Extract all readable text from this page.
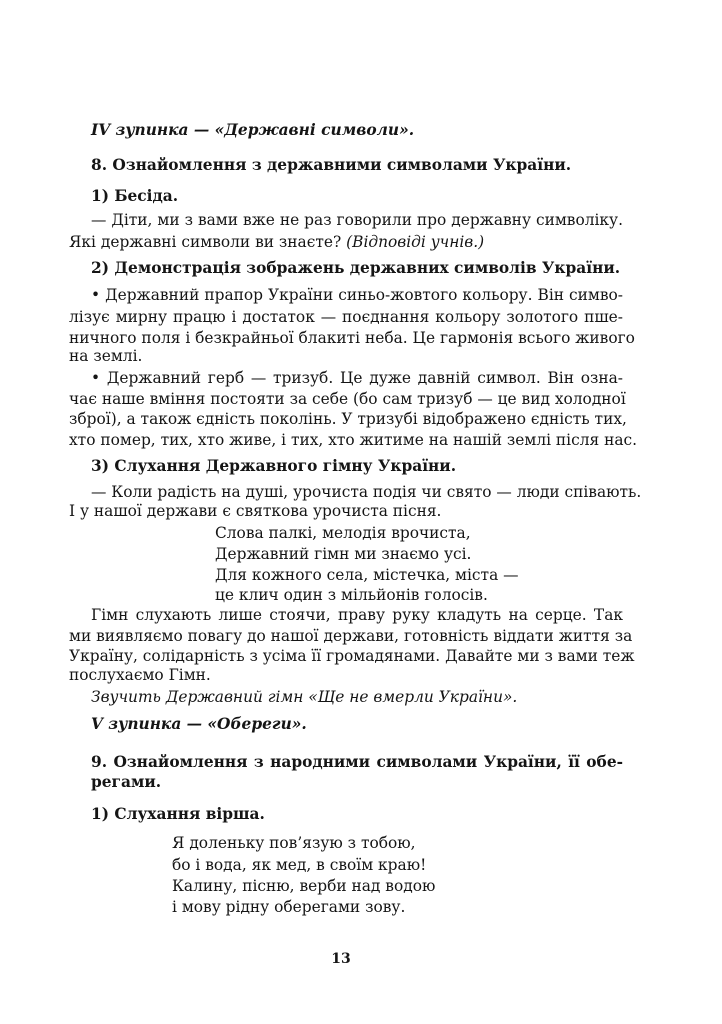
IV зупинка — «Державні символи».

8. Ознайомлення з державними символами України.

1) Бесіда.

— Діти, ми з вами вже не раз говорили про державну символіку.

Які державні символи ви знаєте? (Відповіді учнів.)

2) Демонстрація зображень державних символів України.

• Державний прапор України синьо-жовтого кольору. Він симво-

лізує мирну працю і достаток — поєднання кольору золотого пше-

ничного поля і безкрайньої блакиті неба. Це гармонія всього живого

на землі.

• Державний герб — тризуб. Це дуже давній символ. Він озна-

чає наше вміння постояти за себе (бо сам тризуб — це вид холодної

зброї), а також єдність поколінь. У тризубі відображено єдність тих,

хто помер, тих, хто живе, і тих, хто житиме на нашій землі після нас.

3) Слухання Державного гімну України.

— Коли радість на душі, урочиста подія чи свято — люди співають.

І у нашої держави є святкова урочиста пісня.

Слова палкі, мелодія врочиста,

Державний гімн ми знаємо усі.

Для кожного села, містечка, міста —

це клич один з мільйонів голосів.

Гімн слухають лише стоячи, праву руку кладуть на серце. Так

ми виявляємо повагу до нашої держави, готовність віддати життя за

Україну, солідарність з усіма її громадянами. Давайте ми з вами теж

послухаємо Гімн.

Звучить Державний гімн «Ще не вмерли України».

V зупинка — «Обереги».

9. Ознайомлення з народними символами України, її обе-

регами.

1) Слухання вірша.

Я доленьку пов’язую з тобою,

бо і вода, як мед, в своїм краю!

Калину, пісню, верби над водою

і мову рідну оберегами зову.

13
